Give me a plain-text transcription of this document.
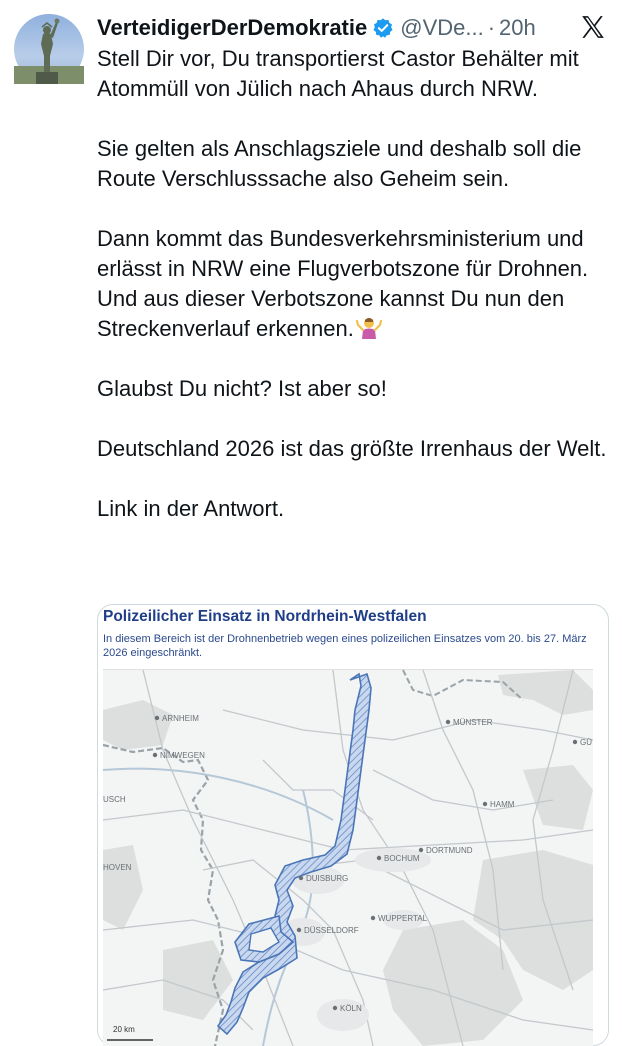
VerteidigerDerDemokratie @VDe... · 20h

Stell Dir vor, Du transportierst Castor Behälter mit Atommüll von Jülich nach Ahaus durch NRW.

Sie gelten als Anschlagsziele und deshalb soll die Route Verschlusssache also Geheim sein.

Dann kommt das Bundesverkehrsministerium und erlässt in NRW eine Flugverbotszone für Drohnen. Und aus dieser Verbotszone kannst Du nun den Streckenverlauf erkennen.

Glaubst Du nicht? Ist aber so!

Deutschland 2026 ist das größte Irrenhaus der Welt.

Link in der Antwort.

Polizeilicher Einsatz in Nordrhein-Westfalen
In diesem Bereich ist der Drohnenbetrieb wegen eines polizeilichen Einsatzes vom 20. bis 27. März 2026 eingeschränkt.
ARNHEIM
NIMWEGEN
MÜNSTER
GÜ
HAMM
DORTMUND
BOCHUM
DUISBURG
WUPPERTAL
DÜSSELDORF
KÖLN
USCH
HOVEN
20 km
